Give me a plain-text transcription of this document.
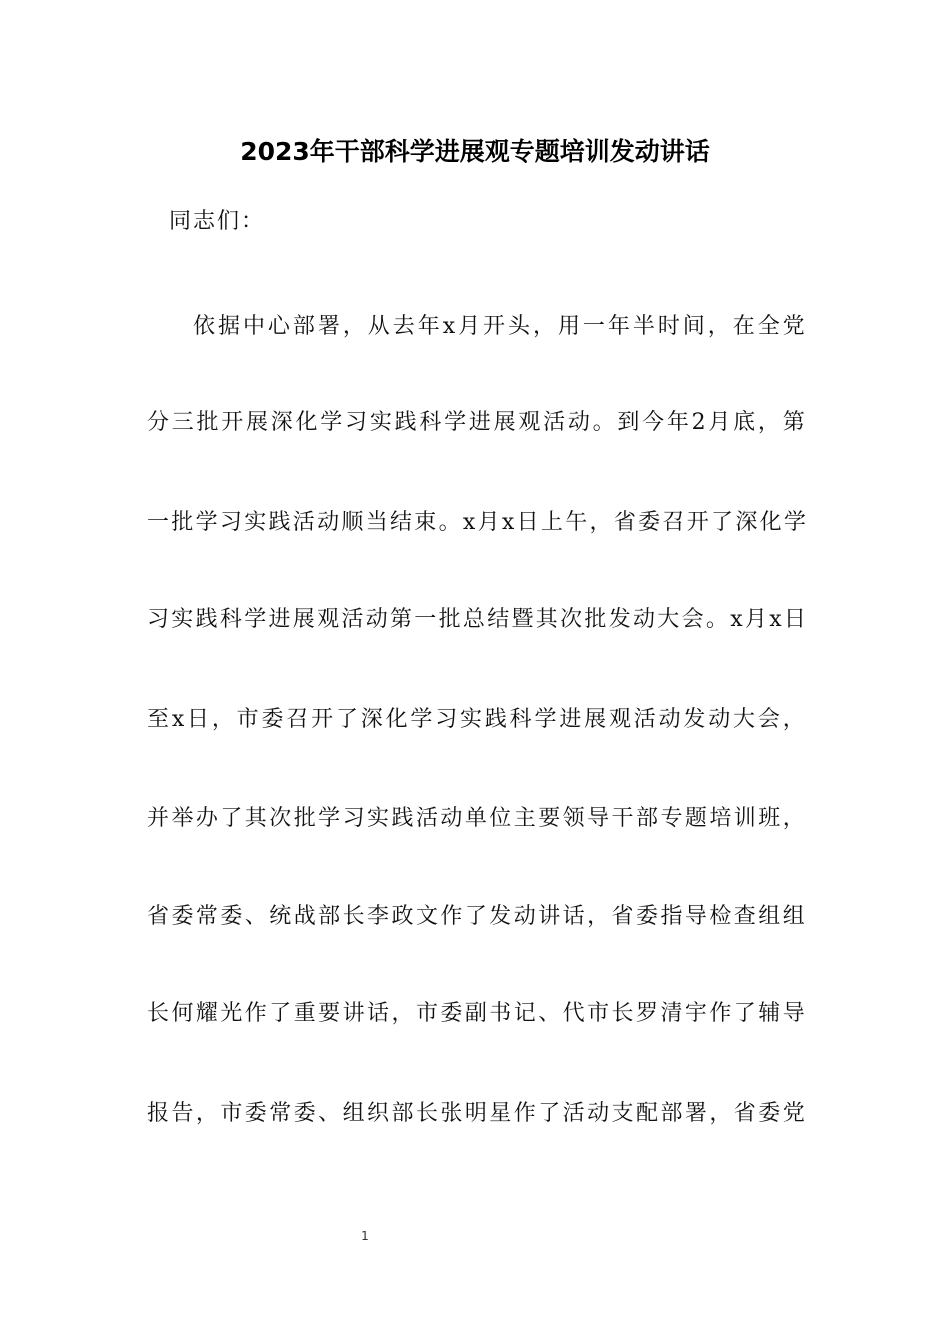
2023年干部科学进展观专题培训发动讲话
同志们：
依据中心部署，从去年x月开头，用一年半时间，在全党
分三批开展深化学习实践科学进展观活动。到今年2月底，第
一批学习实践活动顺当结束。x月x日上午，省委召开了深化学
习实践科学进展观活动第一批总结暨其次批发动大会。x月x日
至x日，市委召开了深化学习实践科学进展观活动发动大会，
并举办了其次批学习实践活动单位主要领导干部专题培训班，
省委常委、统战部长李政文作了发动讲话，省委指导检查组组
长何耀光作了重要讲话，市委副书记、代市长罗清宇作了辅导
报告，市委常委、组织部长张明星作了活动支配部署，省委党
1
